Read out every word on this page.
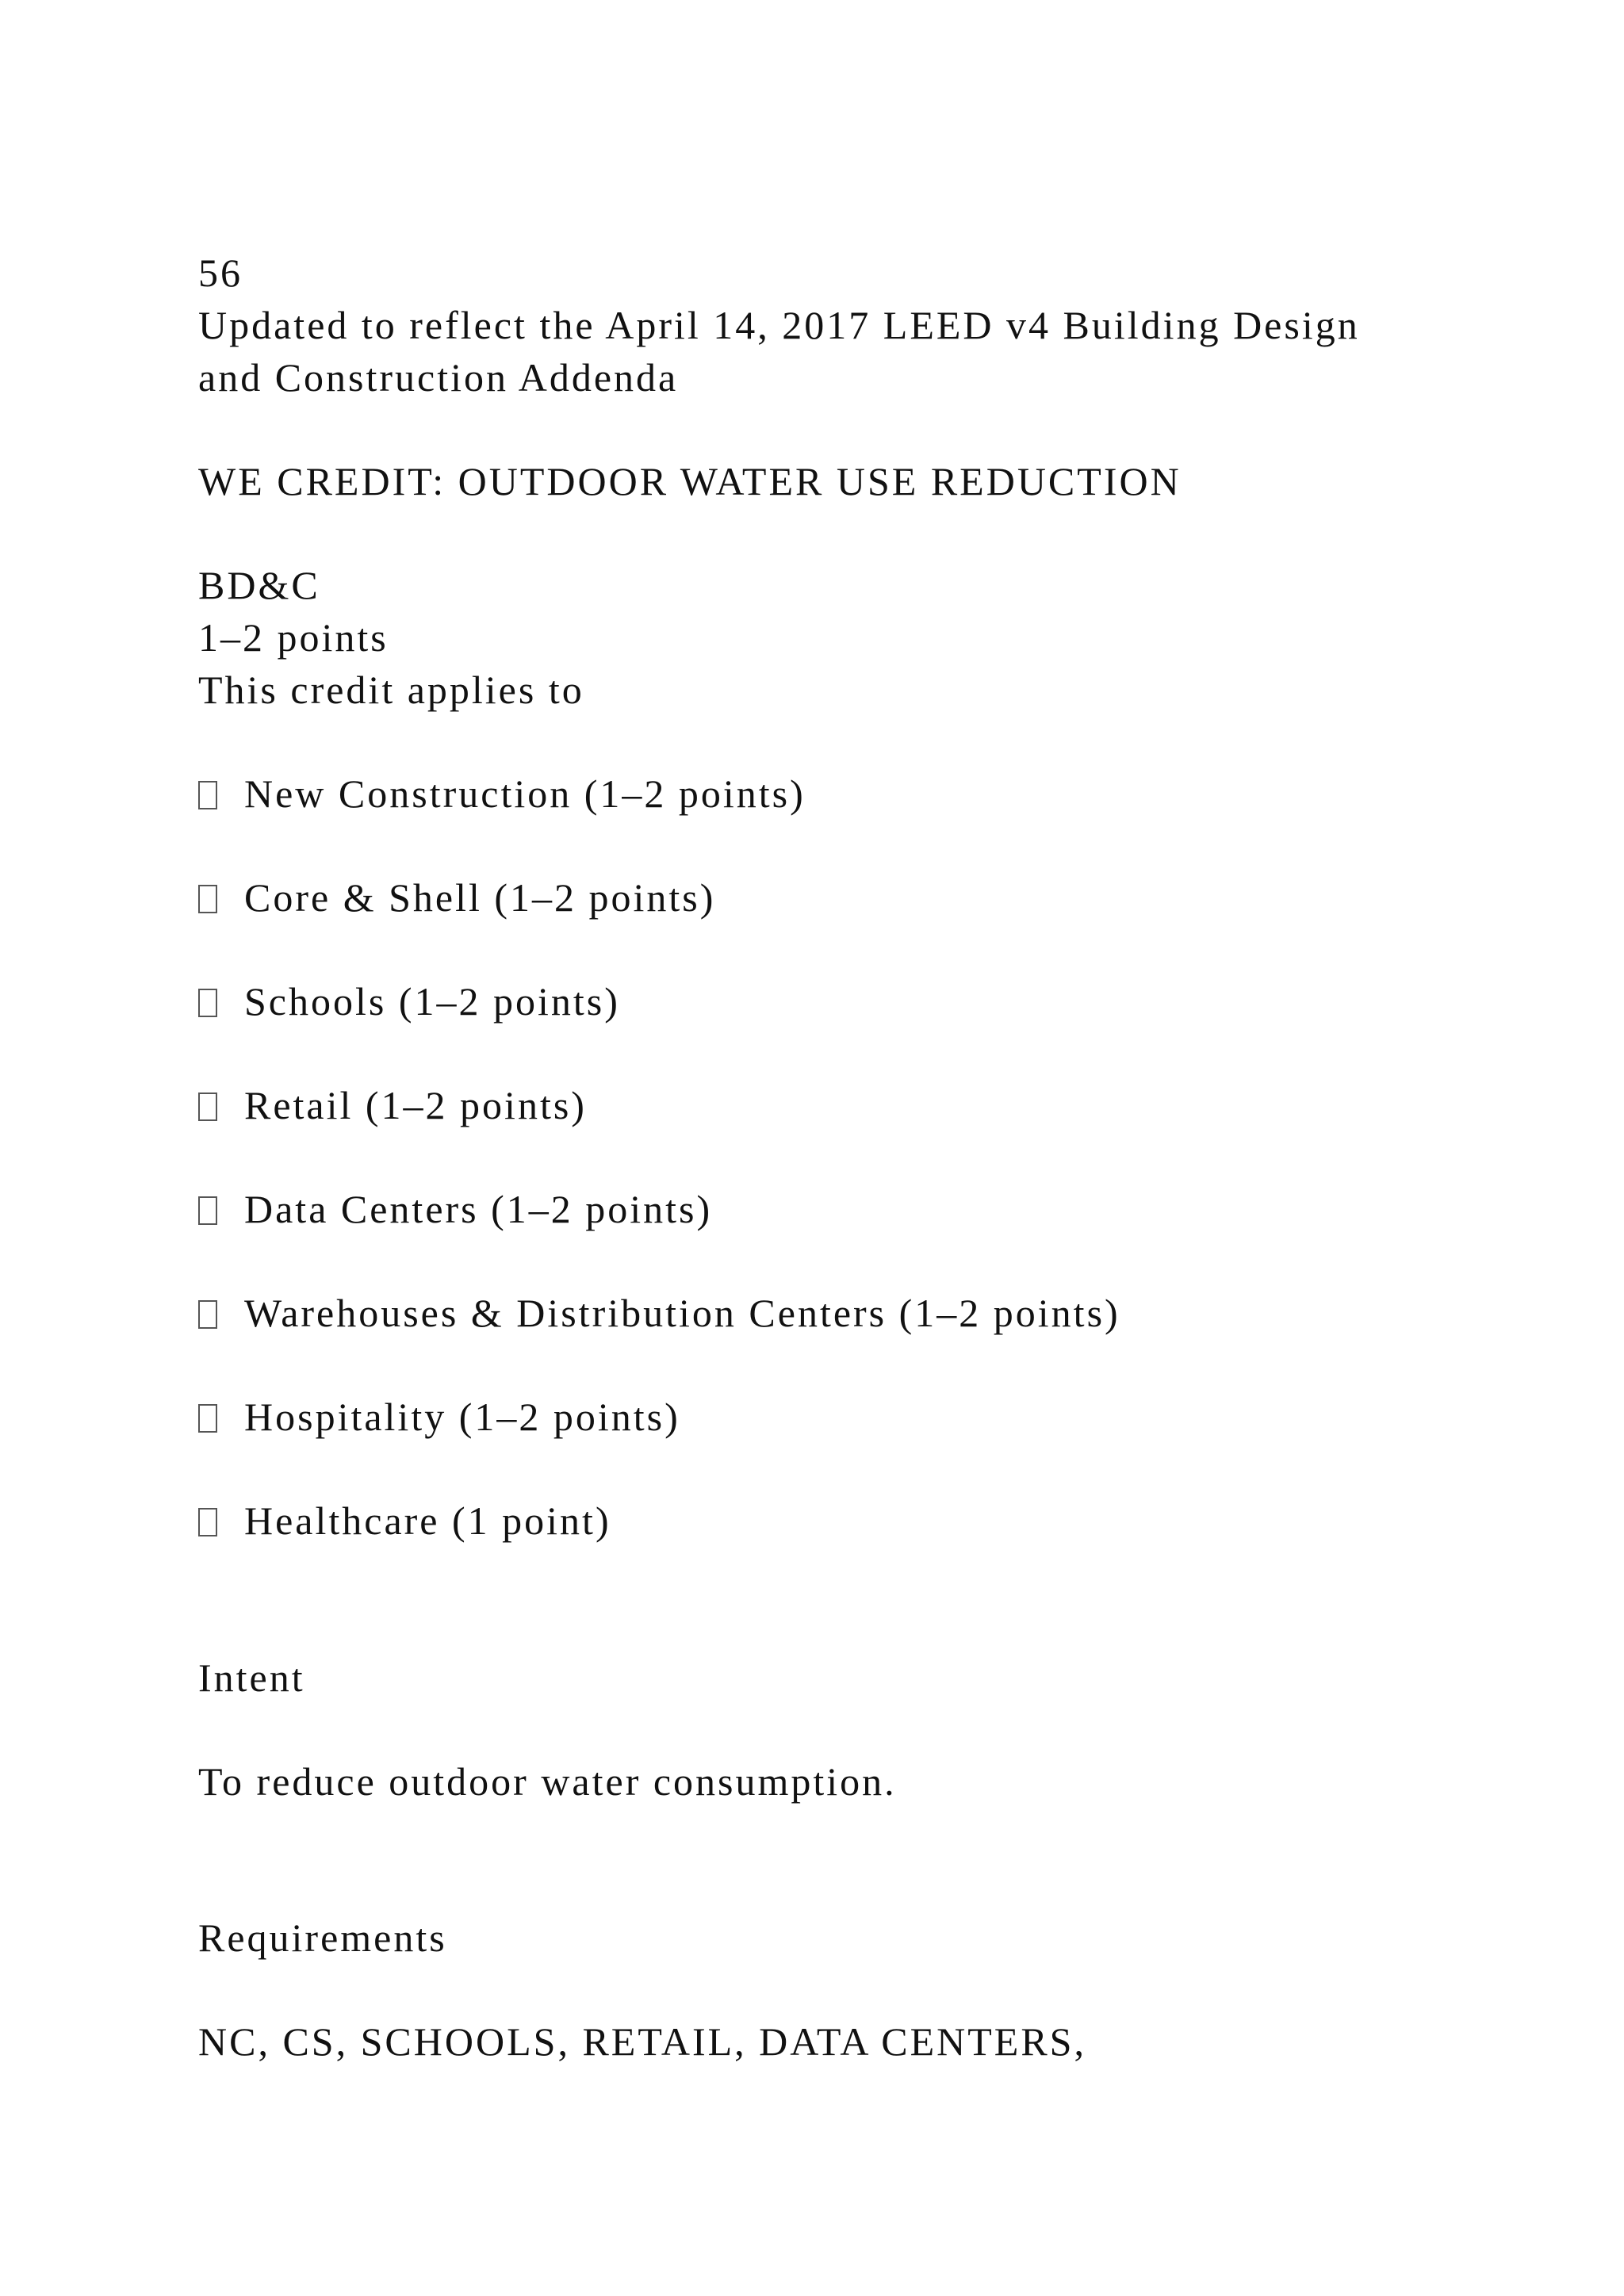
56
Updated to reflect the April 14, 2017 LEED v4 Building Design
and Construction Addenda
WE CREDIT: OUTDOOR WATER USE REDUCTION
BD&C
1–2 points
This credit applies to
New Construction (1–2 points)
Core & Shell (1–2 points)
Schools (1–2 points)
Retail (1–2 points)
Data Centers (1–2 points)
Warehouses & Distribution Centers (1–2 points)
Hospitality (1–2 points)
Healthcare (1 point)
Intent
To reduce outdoor water consumption.
Requirements
NC, CS, SCHOOLS, RETAIL, DATA CENTERS,
